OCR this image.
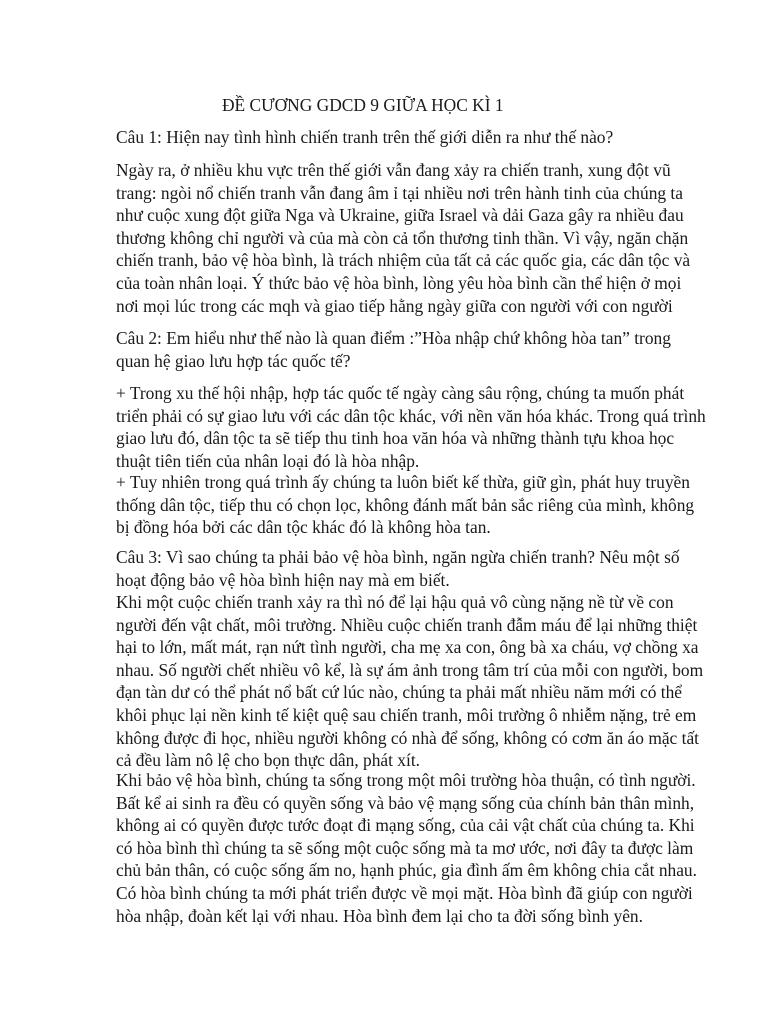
ĐỀ CƯƠNG GDCD 9 GIỮA HỌC KÌ 1
Câu 1: Hiện nay tình hình chiến tranh trên thế giới diễn ra như thế nào?
Ngày ra, ở nhiều khu vực trên thế giới vẫn đang xảy ra chiến tranh, xung đột vũ trang: ngòi nổ chiến tranh vẫn đang âm ỉ tại nhiều nơi trên hành tinh của chúng ta như cuộc xung đột giữa Nga và Ukraine, giữa Israel và dải Gaza gây ra nhiều đau thương không chỉ người và của mà còn cả tổn thương tinh thần. Vì vậy, ngăn chặn chiến tranh, bảo vệ hòa bình, là trách nhiệm của tất cả các quốc gia, các dân tộc và của toàn nhân loại. Ý thức bảo vệ hòa bình, lòng yêu hòa bình cần thể hiện ở mọi nơi mọi lúc trong các mqh và giao tiếp hằng ngày giữa con người với con người
Câu 2: Em hiểu như thế nào là quan điểm :”Hòa nhập chứ không hòa tan” trong quan hệ giao lưu hợp tác quốc tế?
+ Trong xu thế hội nhập, hợp tác quốc tế ngày càng sâu rộng, chúng ta muốn phát triển phải có sự giao lưu với các dân tộc khác, với nền văn hóa khác. Trong quá trình giao lưu đó, dân tộc ta sẽ tiếp thu tinh hoa văn hóa và những thành tựu khoa học thuật tiên tiến của nhân loại đó là hòa nhập.
+ Tuy nhiên trong quá trình ấy chúng ta luôn biết kế thừa, giữ gìn, phát huy truyền thống dân tộc, tiếp thu có chọn lọc, không đánh mất bản sắc riêng của mình, không bị đồng hóa bởi các dân tộc khác đó là không hòa tan.
Câu 3: Vì sao chúng ta phải bảo vệ hòa bình, ngăn ngừa chiến tranh? Nêu một số hoạt động bảo vệ hòa bình hiện nay mà em biết.
Khi một cuộc chiến tranh xảy ra thì nó để lại hậu quả vô cùng nặng nề từ về con người đến vật chất, môi trường. Nhiều cuộc chiến tranh đẫm máu để lại những thiệt hại to lớn, mất mát, rạn nứt tình người, cha mẹ xa con, ông bà xa cháu, vợ chồng xa nhau. Số người chết nhiều vô kể, là sự ám ảnh trong tâm trí của mỗi con người, bom đạn tàn dư có thể phát nổ bất cứ lúc nào, chúng ta phải mất nhiều năm mới có thể khôi phục lại nền kinh tế kiệt quệ sau chiến tranh, môi trường ô nhiễm nặng, trẻ em không được đi học, nhiều người không có nhà để sống, không có cơm ăn áo mặc tất cả đều làm nô lệ cho bọn thực dân, phát xít.
Khi bảo vệ hòa bình, chúng ta sống trong một môi trường hòa thuận, có tình người. Bất kể ai sinh ra đều có quyền sống và bảo vệ mạng sống của chính bản thân mình, không ai có quyền được tước đoạt đi mạng sống, của cải vật chất của chúng ta. Khi có hòa bình thì chúng ta sẽ sống một cuộc sống mà ta mơ ước, nơi đây ta được làm chủ bản thân, có cuộc sống ấm no, hạnh phúc, gia đình ấm êm không chia cắt nhau. Có hòa bình chúng ta mới phát triển được về mọi mặt. Hòa bình đã giúp con người hòa nhập, đoàn kết lại với nhau. Hòa bình đem lại cho ta đời sống bình yên.
